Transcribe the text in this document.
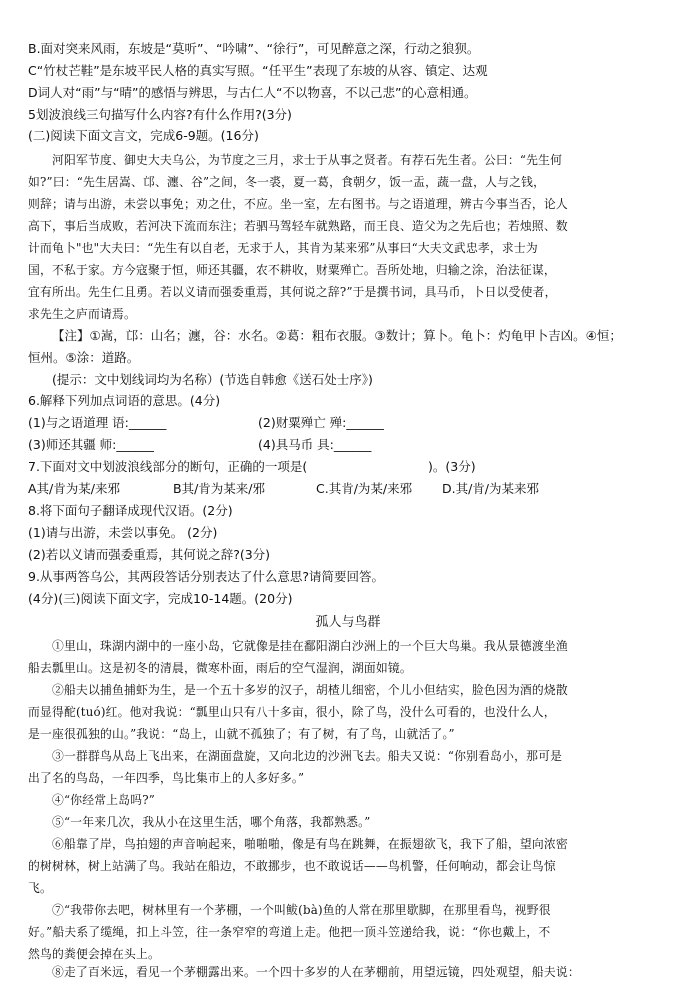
B.面对突来风雨，东坡是“莫听”、“吟啸”、“徐行”，可见醉意之深，行动之狼狈。
C“竹杖芒鞋”是东坡平民人格的真实写照。“任平生”表现了东坡的从容、镇定、达观
D词人对“雨”与“晴”的感悟与辨思，与古仁人“不以物喜，不以己悲”的心意相通。
5划波浪线三句描写什么内容?有什么作用?(3分)
(二)阅读下面文言文，完成6-9题。(16分)
河阳军节度、御史大夫乌公，为节度之三月，求士于从事之贤者。有荐石先生者。公曰：“先生何
如?”曰：“先生居嵩、邙、瀍、谷”之间，冬一裘，夏一葛，食朝夕，饭一盂，蔬一盘，人与之钱，
则辞；请与出游，未尝以事免；劝之仕，不应。坐一室，左右图书。与之语道理，辨古今事当否，论人
高下，事后当成败，若河决下流而东注；若驷马驾轻车就熟路，而王良、造父为之先后也；若烛照、数
计而龟卜"也"大夫曰：“先生有以自老，无求于人，其肯为某来邪”从事曰“大夫文武忠孝，求士为
国，不私于家。方今寇聚于恒，师还其疆，农不耕收，财粟殚亡。吾所处地，归输之涂，治法征谋，
宜有所出。先生仁且勇。若以义请而强委重焉，其何说之辞?”于是撰书词，具马币，卜日以受使者，
求先生之庐而请焉。
【注】①嵩，邙：山名；瀍，谷：水名。②葛：粗布衣服。③数计；算卜。龟卜：灼龟甲卜吉凶。④恒；
恒州。⑤涂：道路。
(提示：文中划线词均为名称）(节选自韩愈《送石处士序》)
6.解释下列加点词语的意思。(4分)
(1)与之语道理 语:______	(2)财粟殚亡 殚:______
(3)师还其疆 师:______	(4)具马币 具:______
7.下面对文中划波浪线部分的断句，正确的一项是(	)。(3分)
A其/肯为某/来邪	B其/肯为某来/邪	C.其肯/为某/来邪	D.其/肯/为某来邪
8.将下面句子翻译成现代汉语。(2分)
(1)请与出游，未尝以事免。 (2分)
(2)若以义请而强委重焉，其何说之辞?(3分)
9.从事两答乌公，其两段答话分别表达了什么意思?请简要回答。
(4分)(三)阅读下面文字，完成10-14题。(20分)
孤人与鸟群
①里山，珠湖内湖中的一座小岛，它就像是挂在鄱阳湖白沙洲上的一个巨大鸟巢。我从景德渡坐渔
船去瓢里山。这是初冬的清晨，微寒朴面，雨后的空气湿润，湖面如镜。
②船夫以捕鱼捕虾为生，是一个五十多岁的汉子，胡楂儿细密，个儿小但结实，脸色因为酒的烧散
而显得酡(tuó)红。他对我说：“瓢里山只有八十多亩，很小，除了鸟，没什么可看的，也没什么人，
是一座很孤独的山。”我说：“岛上，山就不孤独了；有了树，有了鸟，山就活了。”
③一群群鸟从岛上飞出来，在湖面盘旋，又向北边的沙洲飞去。船夫又说：“你别看岛小，那可是
出了名的鸟岛，一年四季，鸟比集市上的人多好多。”
④“你经常上岛吗?”
⑤“一年来几次，我从小在这里生活，哪个角落，我都熟悉。”
⑥船靠了岸，鸟拍翅的声音响起来，啪啪啪，像是有鸟在跳舞，在振翅欲飞，我下了船，望向浓密
的树树林，树上站满了鸟。我站在船边，不敢挪步，也不敢说话——鸟机警，任何响动，都会让鸟惊
飞。
⑦“我带你去吧，树林里有一个茅棚，一个叫鲅(bà)鱼的人常在那里歇脚，在那里看鸟，视野很
好。”船夫系了缆绳，扣上斗笠，往一条窄窄的弯道上走。他把一顶斗笠递给我，说：“你也戴上，不
然鸟的粪便会掉在头上。
⑧走了百米远，看见一个茅棚露出来。一个四十多岁的人在茅棚前，用望远镜，四处观望，船夫说：
